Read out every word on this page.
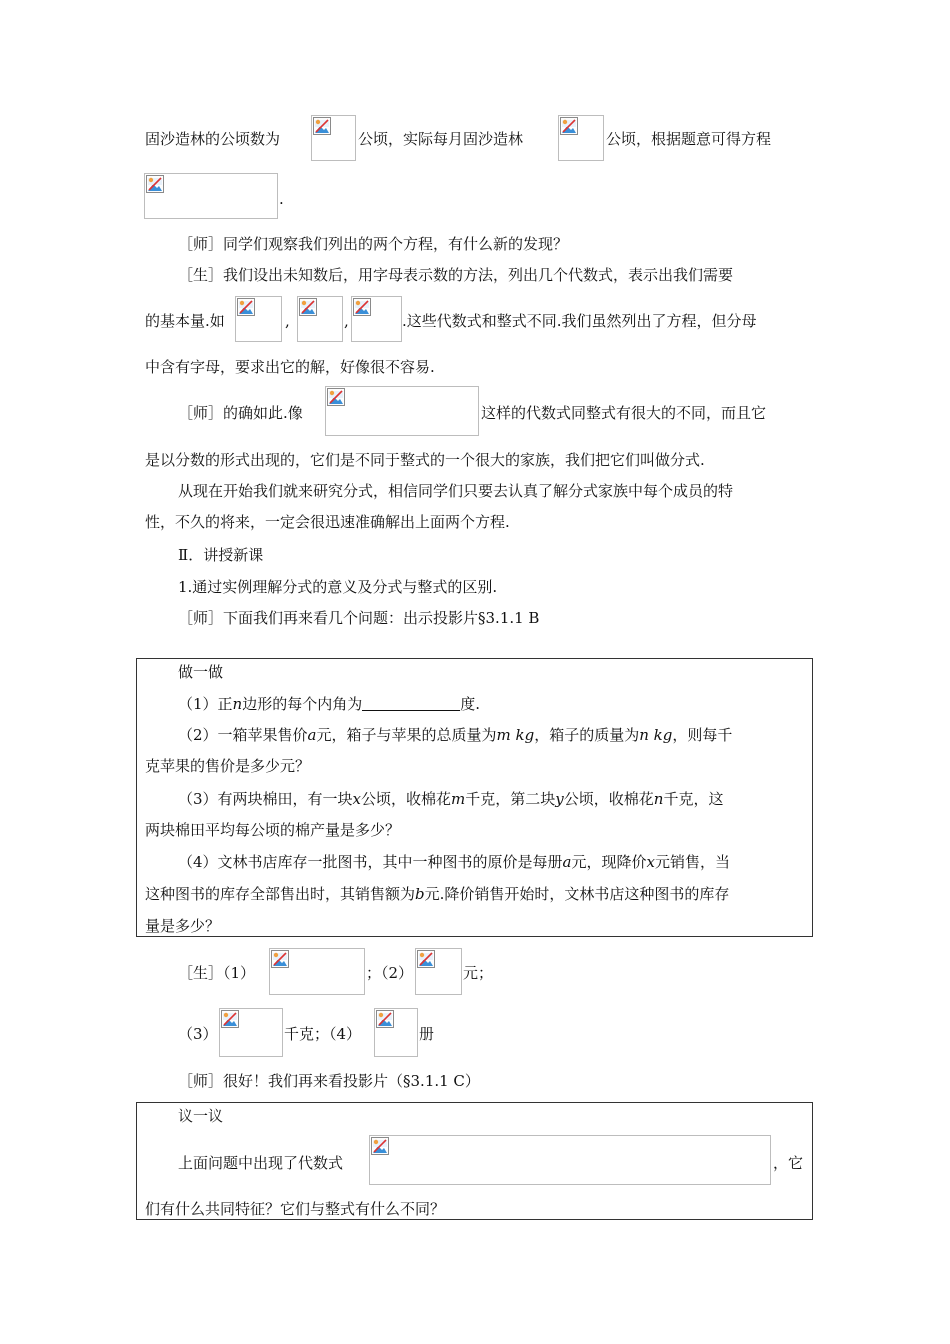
固沙造林的公顷数为	公顷，实际每月固沙造林	公顷，根据题意可得方程
.
［师］同学们观察我们列出的两个方程，有什么新的发现？
［生］我们设出未知数后，用字母表示数的方法，列出几个代数式，表示出我们需要
的基本量.如	,	,	.这些代数式和整式不同.我们虽然列出了方程，但分母
中含有字母，要求出它的解，好像很不容易.
［师］的确如此.像	这样的代数式同整式有很大的不同，而且它
是以分数的形式出现的，它们是不同于整式的一个很大的家族，我们把它们叫做分式.
从现在开始我们就来研究分式，相信同学们只要去认真了解分式家族中每个成员的特
性，不久的将来，一定会很迅速准确解出上面两个方程.
Ⅱ．讲授新课
1.通过实例理解分式的意义及分式与整式的区别.
［师］下面我们再来看几个问题：出示投影片§3.1.1 B
做一做
（1）正n边形的每个内角为	度.
（2）一箱苹果售价a元，箱子与苹果的总质量为m kg，箱子的质量为n kg，则每千
克苹果的售价是多少元？
（3）有两块棉田，有一块x公顷，收棉花m千克，第二块y公顷，收棉花n千克，这
两块棉田平均每公顷的棉产量是多少？
（4）文林书店库存一批图书，其中一种图书的原价是每册a元，现降价x元销售，当
这种图书的库存全部售出时，其销售额为b元.降价销售开始时，文林书店这种图书的库存
量是多少？
［生］（1）	；（2）	元；
（3）	千克；（4）	册
［师］很好！我们再来看投影片（§3.1.1 C）
议一议
上面问题中出现了代数式	，它
们有什么共同特征？它们与整式有什么不同？
